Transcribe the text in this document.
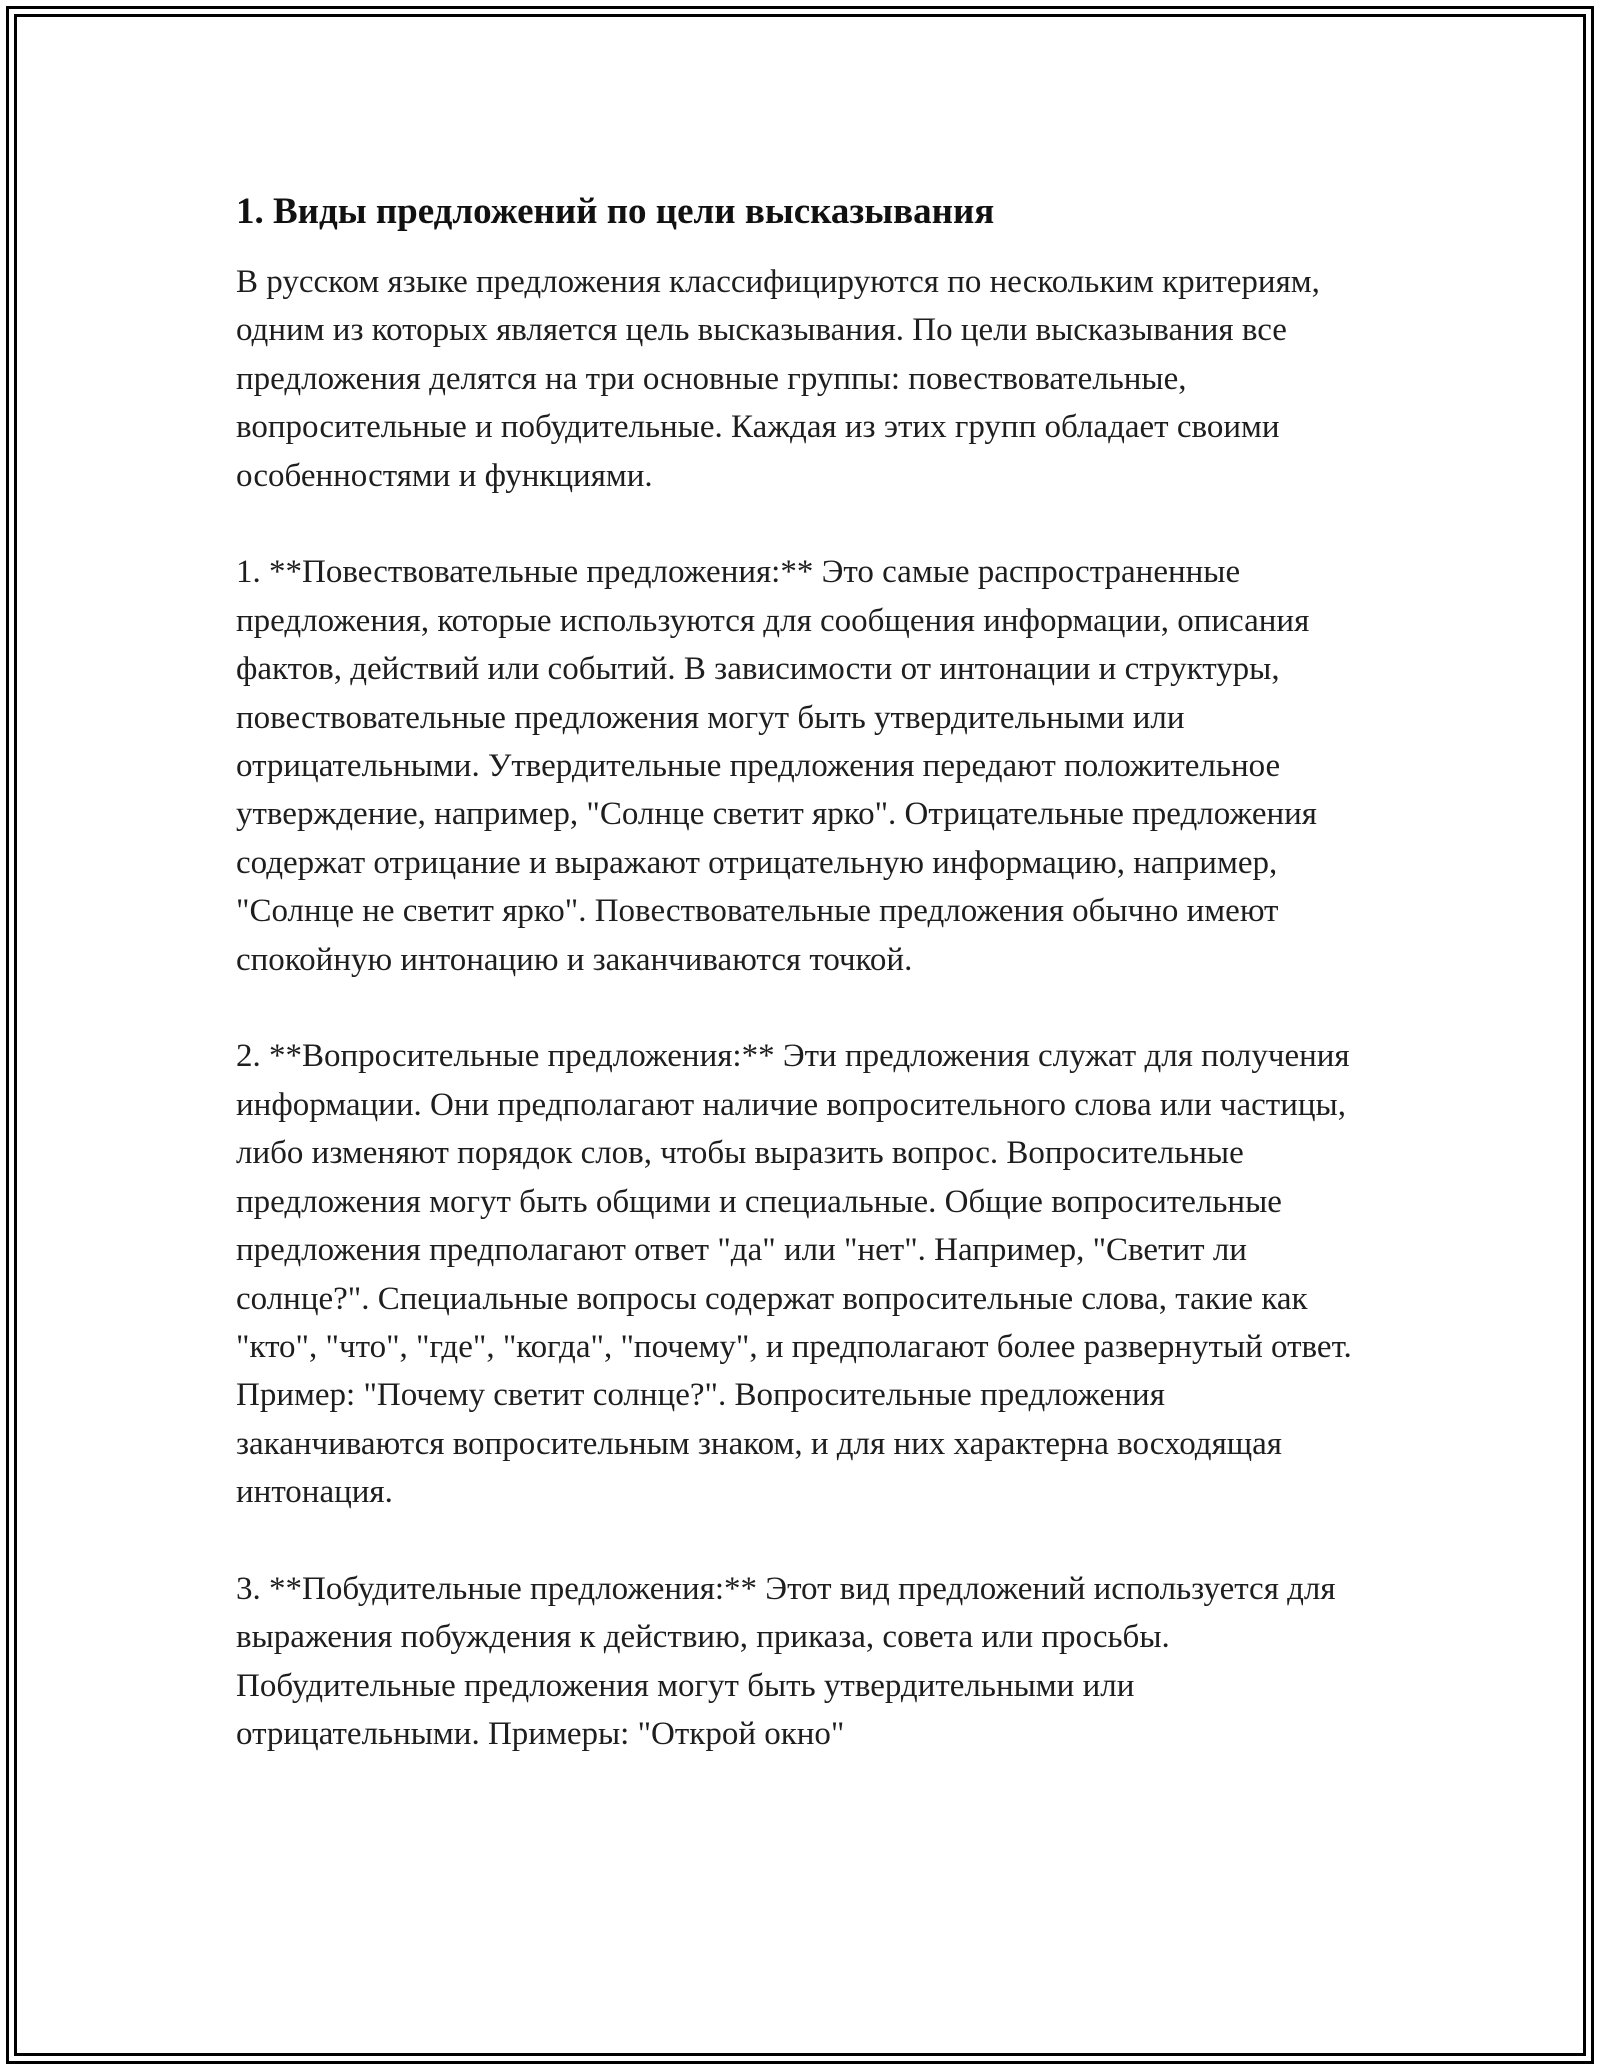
1. Виды предложений по цели высказывания

В русском языке предложения классифицируются по нескольким критериям, одним из которых является цель высказывания. По цели высказывания все предложения делятся на три основные группы: повествовательные, вопросительные и побудительные. Каждая из этих групп обладает своими особенностями и функциями.

1. **Повествовательные предложения:** Это самые распространенные предложения, которые используются для сообщения информации, описания фактов, действий или событий. В зависимости от интонации и структуры, повествовательные предложения могут быть утвердительными или отрицательными. Утвердительные предложения передают положительное утверждение, например, "Солнце светит ярко". Отрицательные предложения содержат отрицание и выражают отрицательную информацию, например, "Солнце не светит ярко". Повествовательные предложения обычно имеют спокойную интонацию и заканчиваются точкой.

2. **Вопросительные предложения:** Эти предложения служат для получения информации. Они предполагают наличие вопросительного слова или частицы, либо изменяют порядок слов, чтобы выразить вопрос. Вопросительные предложения могут быть общими и специальные. Общие вопросительные предложения предполагают ответ "да" или "нет". Например, "Светит ли солнце?". Специальные вопросы содержат вопросительные слова, такие как "кто", "что", "где", "когда", "почему", и предполагают более развернутый ответ. Пример: "Почему светит солнце?". Вопросительные предложения заканчиваются вопросительным знаком, и для них характерна восходящая интонация.

3. **Побудительные предложения:** Этот вид предложений используется для выражения побуждения к действию, приказа, совета или просьбы. Побудительные предложения могут быть утвердительными или отрицательными. Примеры: "Открой окно"
